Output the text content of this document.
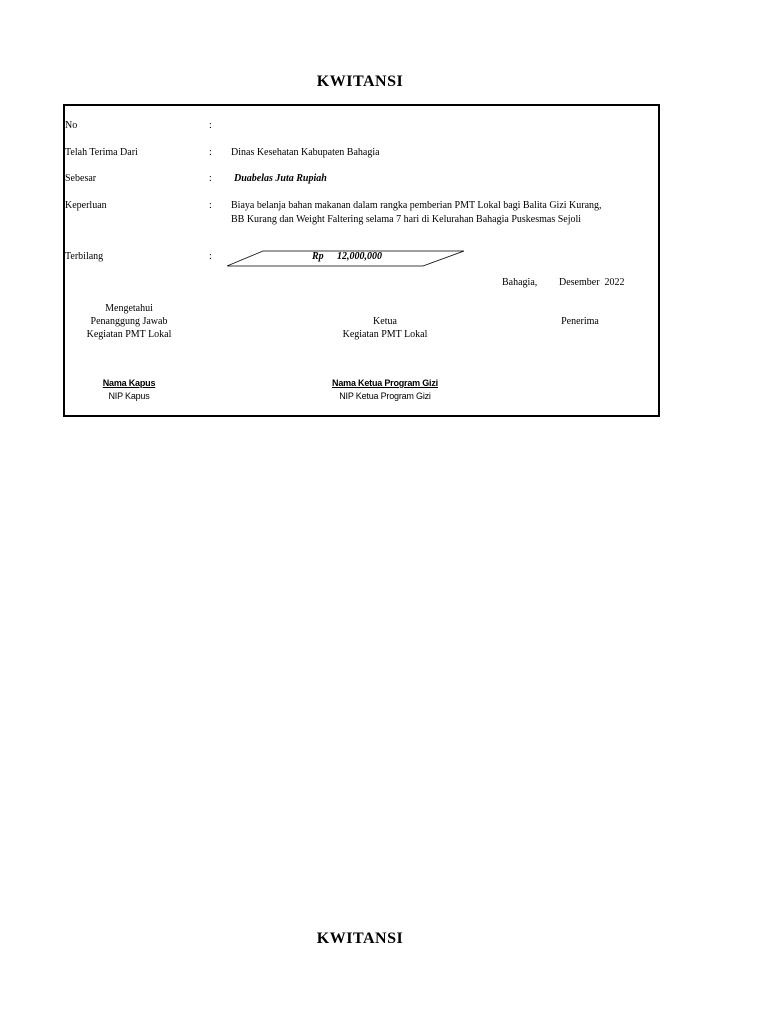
KWITANSI
No	:
Telah Terima Dari	: Dinas Kesehatan Kabupaten Bahagia
Sebesar	: Duabelas Juta Rupiah
Keperluan	: Biaya belanja bahan makanan dalam rangka pemberian PMT Lokal bagi Balita Gizi Kurang,
BB Kurang dan Weight Faltering selama 7 hari di Kelurahan Bahagia Puskesmas Sejoli
Terbilang	:	Rp 12,000,000
Bahagia, Desember  2022
Mengetahui
Penanggung Jawab
Kegiatan PMT Lokal
Nama Kapus
NIP Kapus
Ketua
Kegiatan PMT Lokal
Nama Ketua Program Gizi
NIP Ketua Program Gizi
Penerima
KWITANSI
